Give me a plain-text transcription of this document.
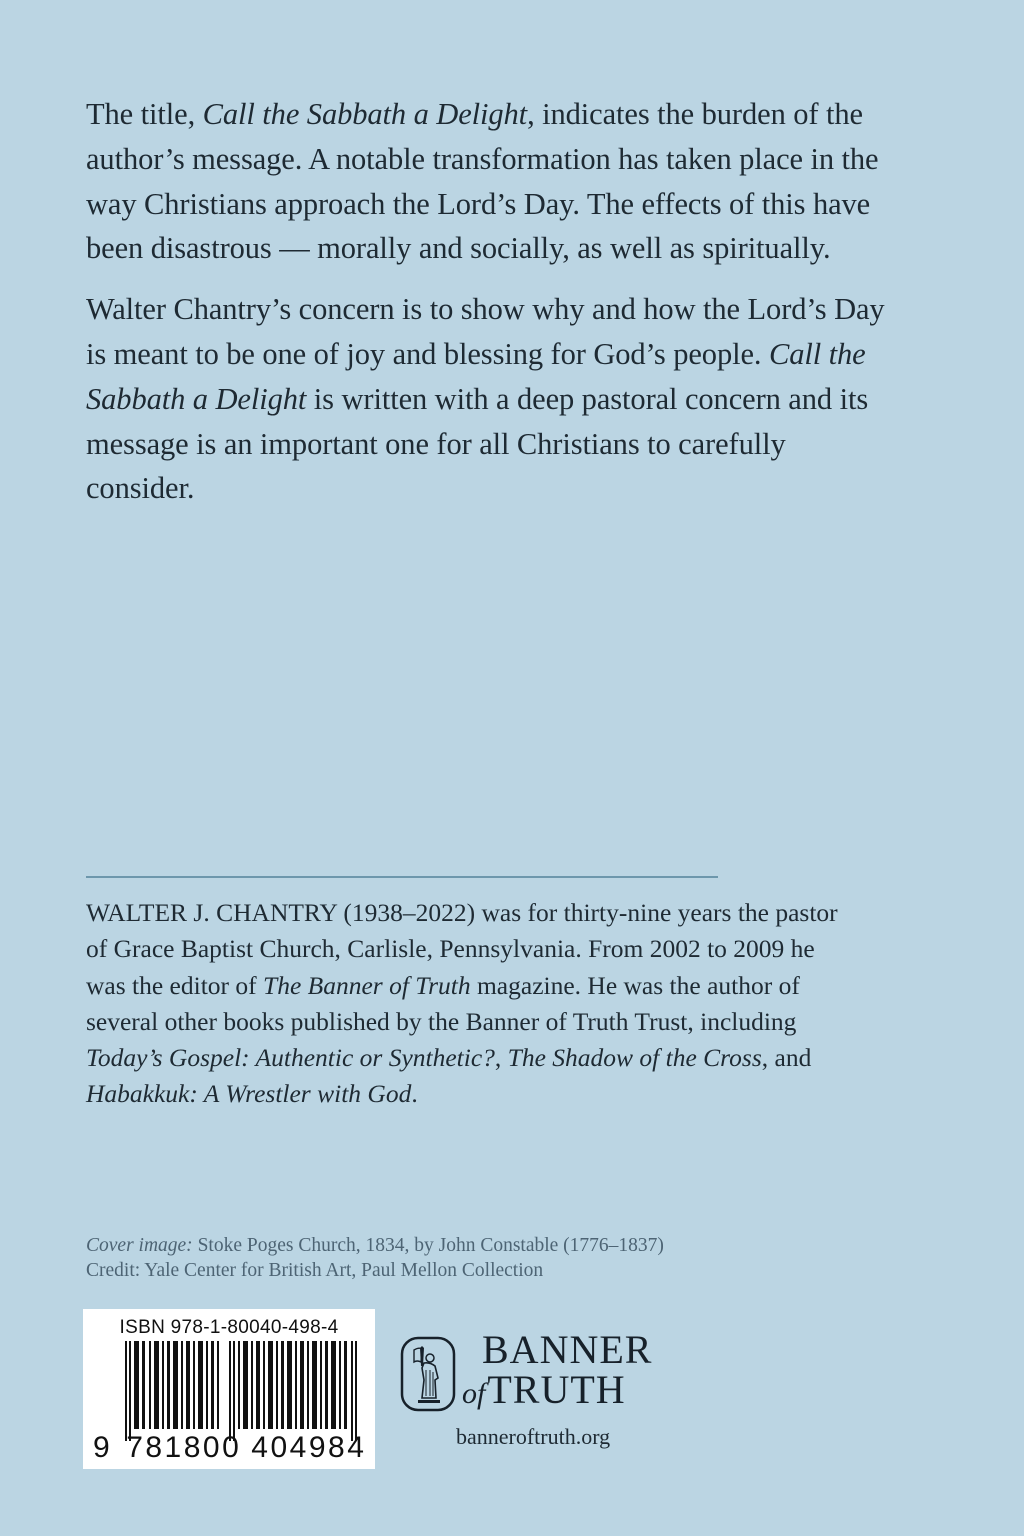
The title, Call the Sabbath a Delight, indicates the burden of the author’s message. A notable transformation has taken place in the way Christians approach the Lord’s Day. The effects of this have been disastrous — morally and socially, as well as spiritually.

Walter Chantry’s concern is to show why and how the Lord’s Day is meant to be one of joy and blessing for God’s people. Call the Sabbath a Delight is written with a deep pastoral concern and its message is an important one for all Christians to carefully consider.

WALTER J. CHANTRY (1938–2022) was for thirty-nine years the pastor of Grace Baptist Church, Carlisle, Pennsylvania. From 2002 to 2009 he was the editor of The Banner of Truth magazine. He was the author of several other books published by the Banner of Truth Trust, including Today’s Gospel: Authentic or Synthetic?, The Shadow of the Cross, and Habakkuk: A Wrestler with God.

Cover image: Stoke Poges Church, 1834, by John Constable (1776–1837)

Credit: Yale Center for British Art, Paul Mellon Collection

ISBN 978-1-80040-498-4
9 781800 404984
BANNER
ofTRUTH
banneroftruth.org
